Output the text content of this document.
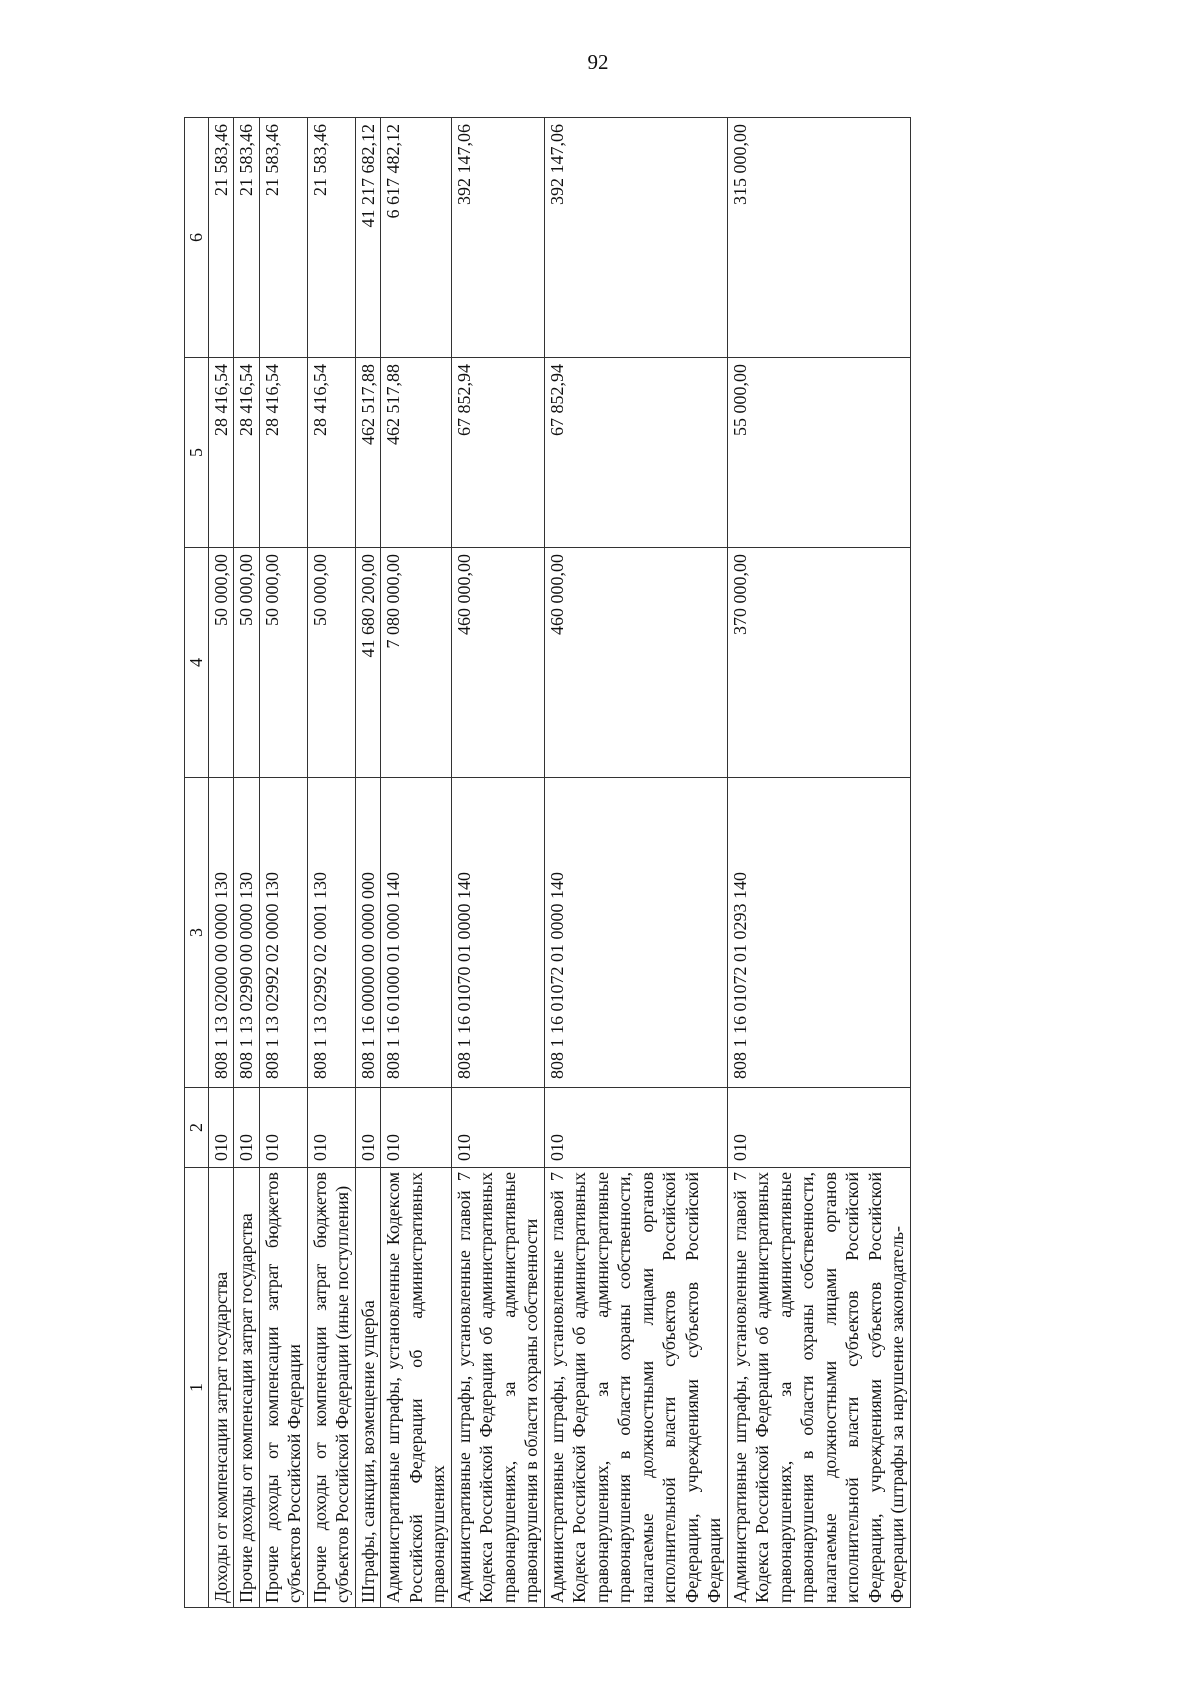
92
1	2	3	4	5	6
Доходы от компенсации затрат государства	010	808 1 13 02000 00 0000 130	50 000,00	28 416,54	21 583,46
Прочие доходы от компенсации затрат государства	010	808 1 13 02990 00 0000 130	50 000,00	28 416,54	21 583,46
Прочие доходы от компенсации затрат бюджетов субъектов Российской Федерации	010	808 1 13 02992 02 0000 130	50 000,00	28 416,54	21 583,46
Прочие доходы от компенсации затрат бюджетов субъектов Российской Федерации (иные поступления)	010	808 1 13 02992 02 0001 130	50 000,00	28 416,54	21 583,46
Штрафы, санкции, возмещение ущерба	010	808 1 16 00000 00 0000 000	41 680 200,00	462 517,88	41 217 682,12
Административные штрафы, установленные Кодексом Российской Федерации об административных правонарушениях	010	808 1 16 01000 01 0000 140	7 080 000,00	462 517,88	6 617 482,12
Административные штрафы, установленные главой 7 Кодекса Российской Федерации об административных правонарушениях, за административные правонарушения в области охраны собственности	010	808 1 16 01070 01 0000 140	460 000,00	67 852,94	392 147,06
Административные штрафы, установленные главой 7 Кодекса Российской Федерации об административных правонарушениях, за административные правонарушения в области охраны собственности, налагаемые должностными лицами органов исполнительной власти субъектов Российской Федерации, учреждениями субъектов Российской Федерации	010	808 1 16 01072 01 0000 140	460 000,00	67 852,94	392 147,06
Административные штрафы, установленные главой 7 Кодекса Российской Федерации об административных правонарушениях, за административные правонарушения в области охраны собственности, налагаемые должностными лицами органов исполнительной власти субъектов Российской Федерации, учреждениями субъектов Российской Федерации (штрафы за нарушение законодатель-	010	808 1 16 01072 01 0293 140	370 000,00	55 000,00	315 000,00
